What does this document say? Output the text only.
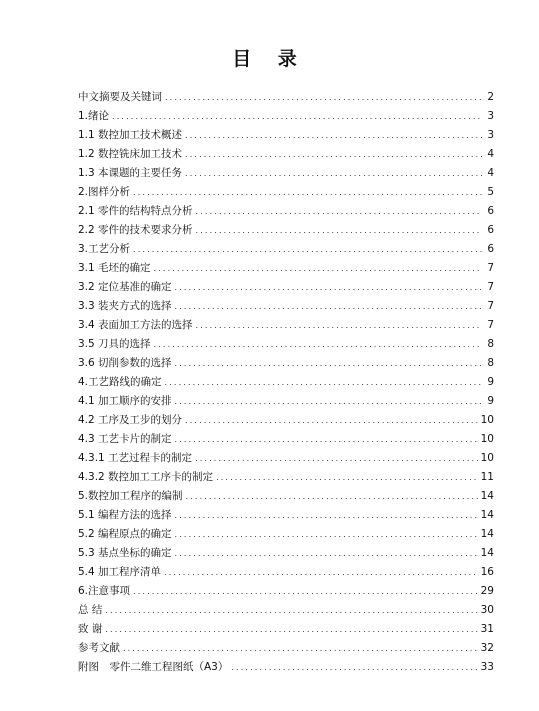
目 录
中文摘要及关键词 . . .	2
1.绪论 . . .	3
1.1 数控加工技术概述 . . .	3
1.2 数控铣床加工技术 . . .	4
1.3 本课题的主要任务 . . .	4
2.图样分析 . . .	5
2.1 零件的结构特点分析 . . .	6
2.2 零件的技术要求分析 . . .	6
3.工艺分析 . . .	6
3.1 毛坯的确定 . . .	7
3.2 定位基准的确定 . . .	7
3.3 装夹方式的选择 . . .	7
3.4 表面加工方法的选择 . . .	7
3.5 刀具的选择 . . .	8
3.6 切削参数的选择 . . .	8
4.工艺路线的确定 . . .	9
4.1 加工顺序的安排 . . .	9
4.2 工序及工步的划分 . . .	10
4.3 工艺卡片的制定 . . .	10
4.3.1 工艺过程卡的制定 . . .	10
4.3.2 数控加工工序卡的制定 . . .	11
5.数控加工程序的编制 . . .	14
5.1 编程方法的选择 . . .	14
5.2 编程原点的确定 . . .	14
5.3 基点坐标的确定 . . .	14
5.4 加工程序清单 . . .	16
6.注意事项 . . .	29
总 结 . . .	30
致 谢 . . .	31
参考文献 . . .	32
附图　零件二维工程图纸（A3） . . .	33
